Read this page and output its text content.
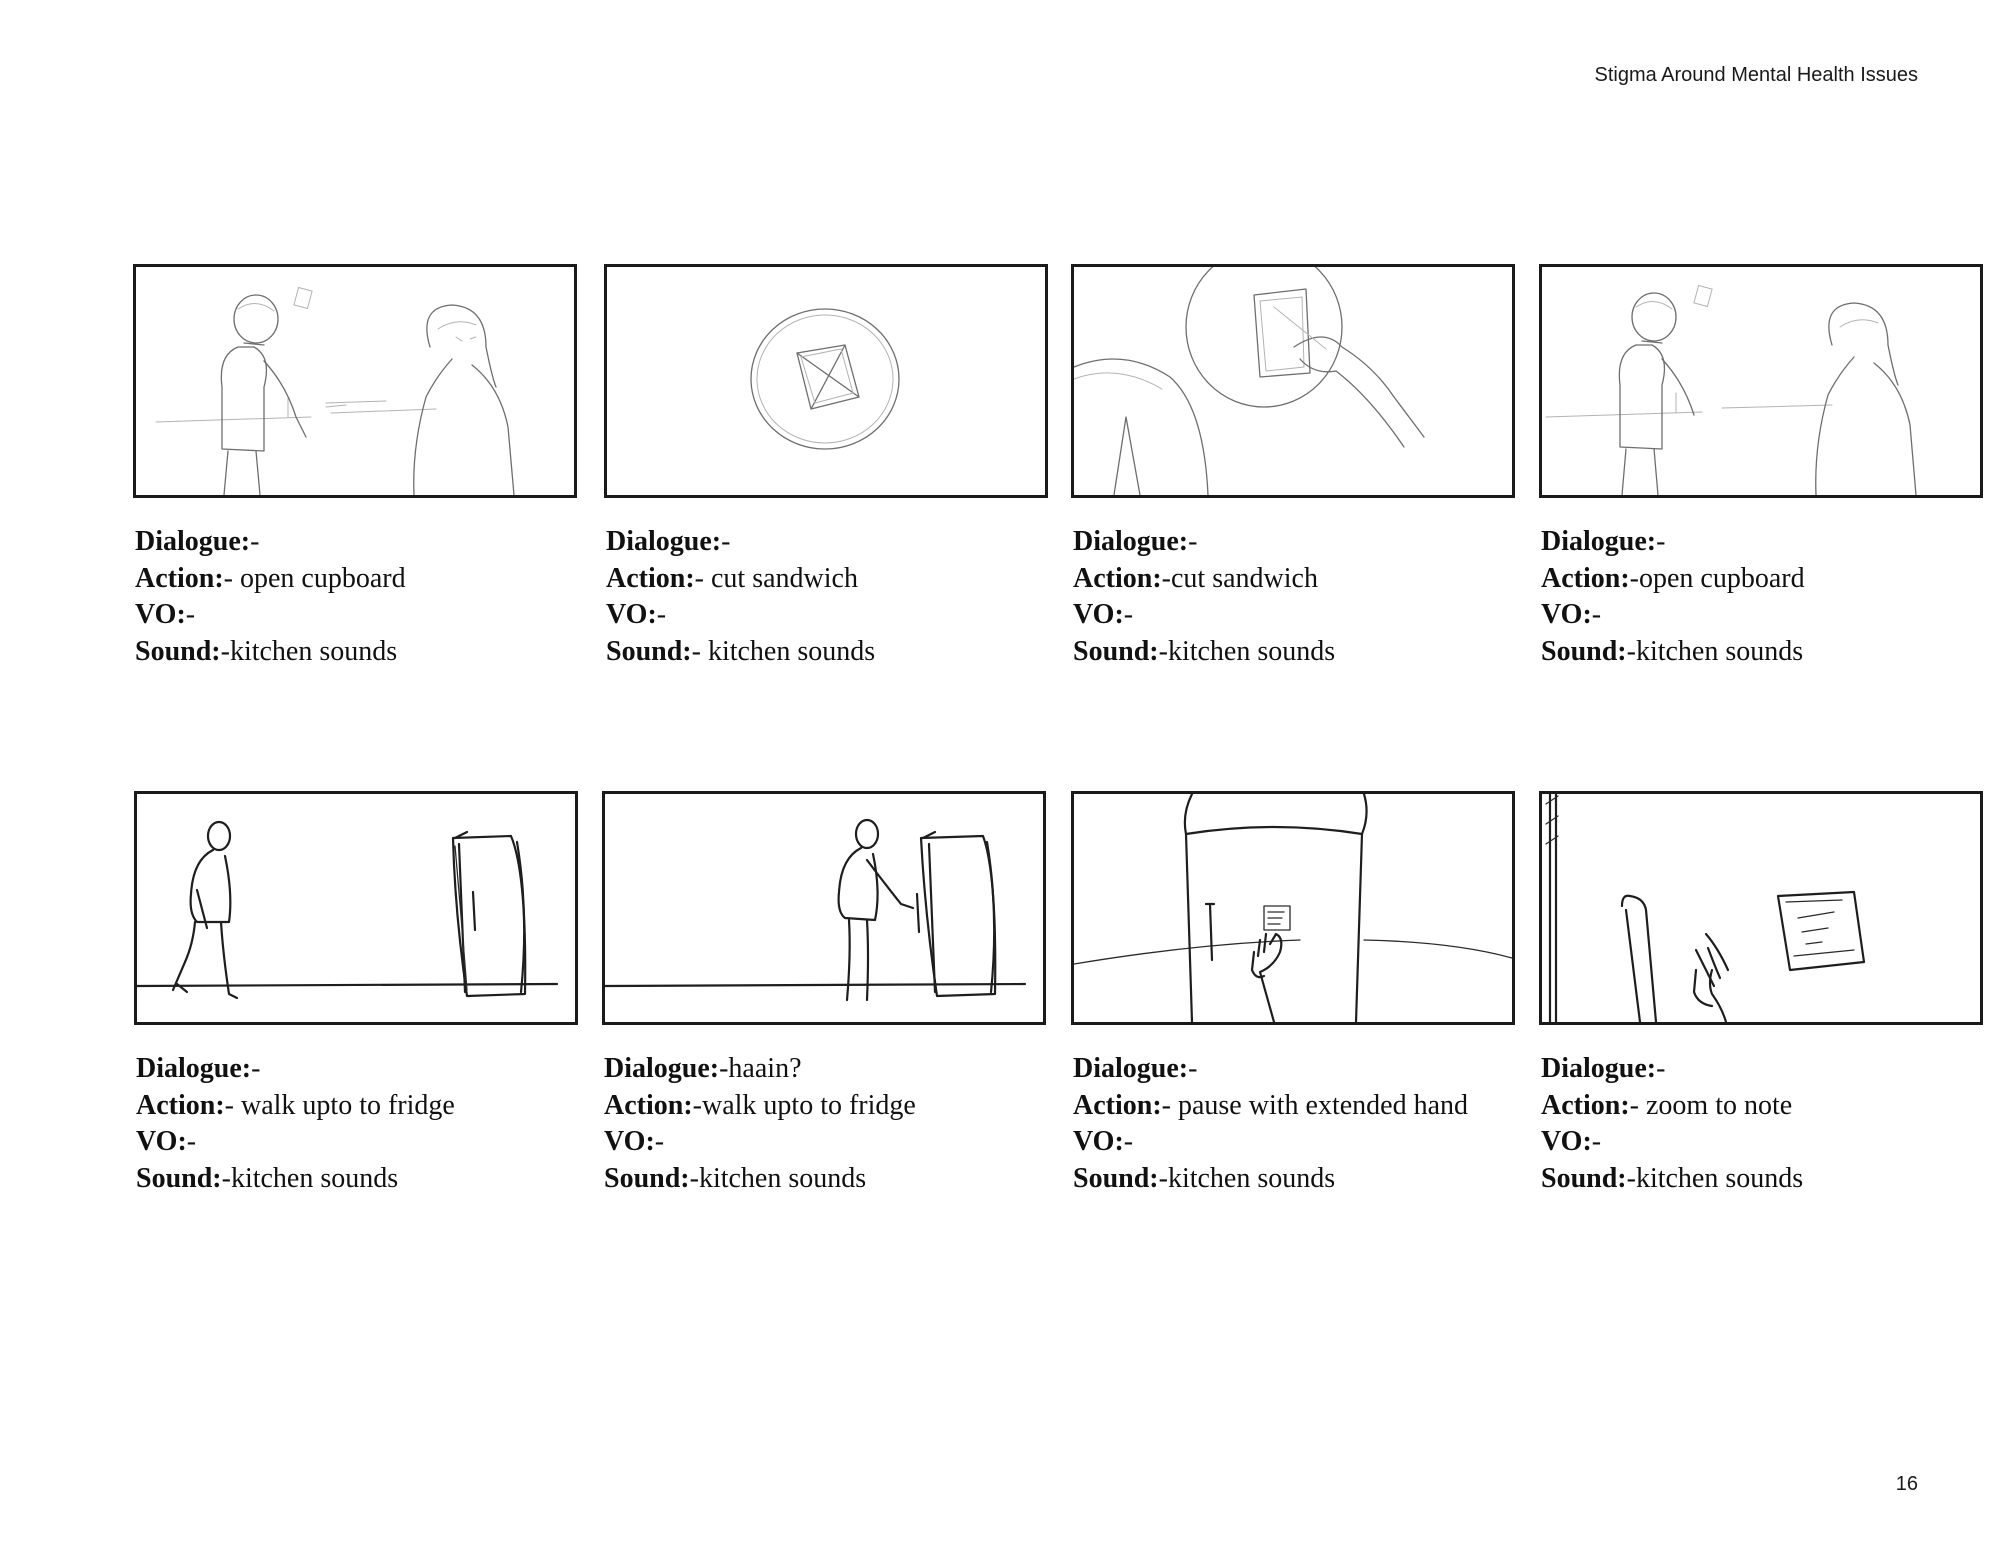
Stigma Around Mental Health Issues
Dialogue:-
Action:- open cupboard
VO:-
Sound:-kitchen sounds
Dialogue:-
Action:- cut sandwich
VO:-
Sound:- kitchen sounds
Dialogue:-
Action:-cut sandwich
VO:-
Sound:-kitchen sounds
Dialogue:-
Action:-open cupboard
VO:-
Sound:-kitchen sounds
Dialogue:-
Action:- walk upto to fridge
VO:-
Sound:-kitchen sounds
Dialogue:-haain?
Action:-walk upto to fridge
VO:-
Sound:-kitchen sounds
Dialogue:-
Action:- pause with extended hand
VO:-
Sound:-kitchen sounds
Dialogue:-
Action:- zoom to note
VO:-
Sound:-kitchen sounds
16
